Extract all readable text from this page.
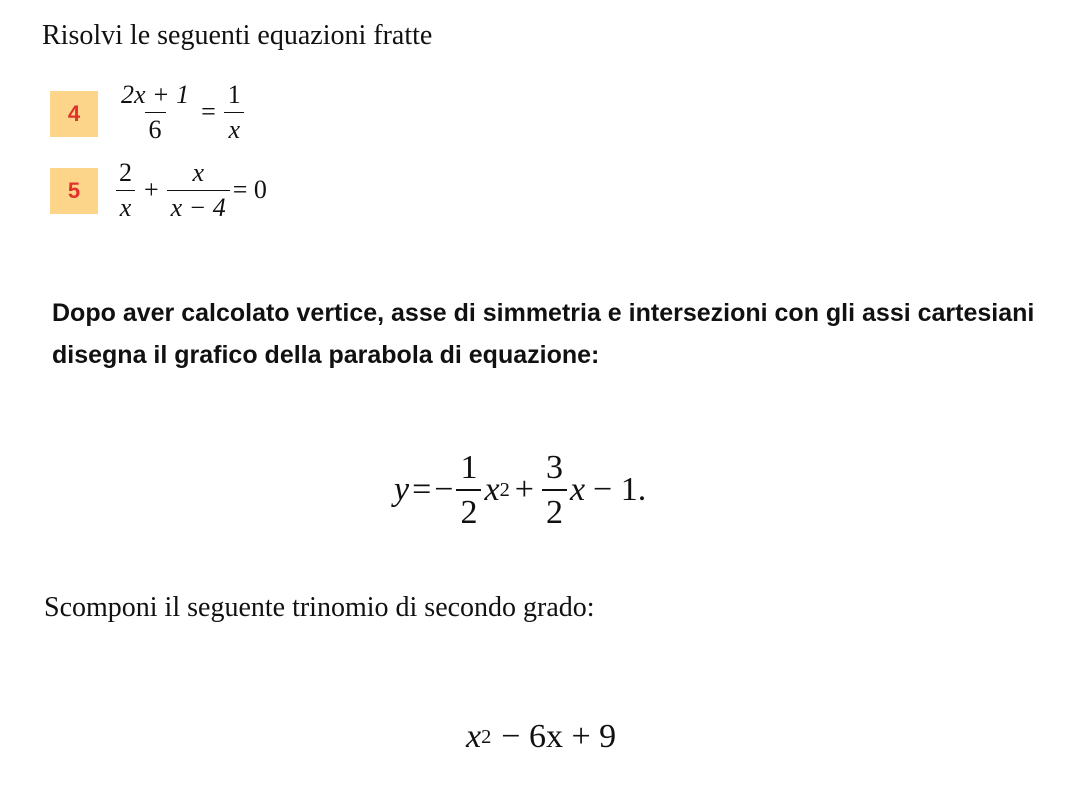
Risolvi le seguenti equazioni fratte
4	$\frac{2x + 1}{6} = \frac{1}{x}$
5	$\frac{2}{x} + \frac{x}{x - 4} = 0$
Dopo aver calcolato vertice, asse di simmetria e intersezioni con gli assi cartesiani disegna il grafico della parabola di equazione:
y = − $\frac{1}{2}$ x $2 + \frac{3}{2}$ x − 1.
Scomponi il seguente trinomio di secondo grado:
x 2 − 6x + 9
